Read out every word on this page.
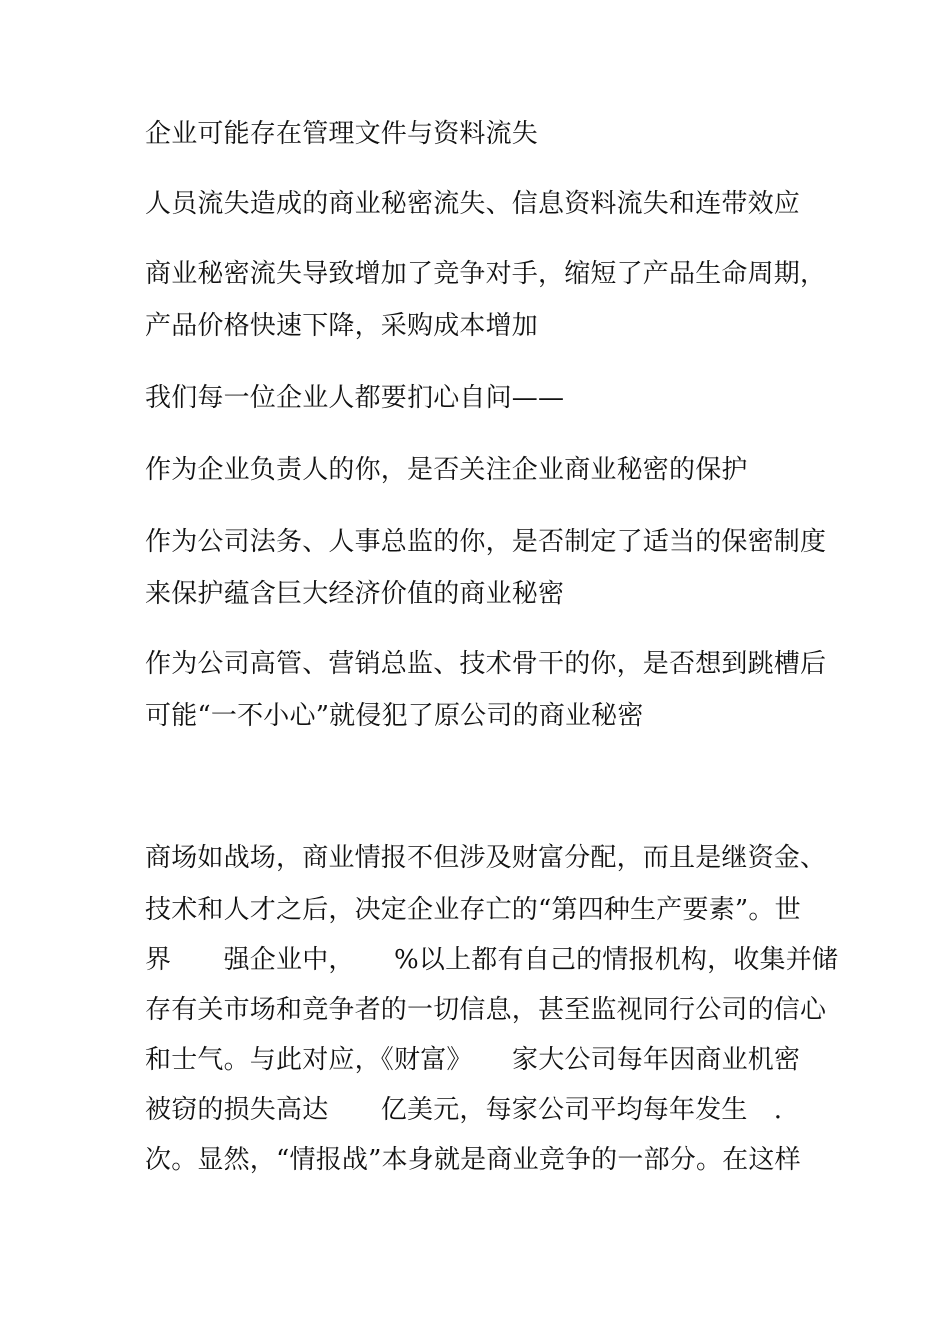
企业可能存在管理文件与资料流失
人员流失造成的商业秘密流失、信息资料流失和连带效应
商业秘密流失导致增加了竞争对手，缩短了产品生命周期，
产品价格快速下降，采购成本增加
我们每一位企业人都要扪心自问——
作为企业负责人的你，是否关注企业商业秘密的保护
作为公司法务、人事总监的你，是否制定了适当的保密制度
来保护蕴含巨大经济价值的商业秘密
作为公司高管、营销总监、技术骨干的你，是否想到跳槽后
可能“一不小心”就侵犯了原公司的商业秘密
商场如战场，商业情报不但涉及财富分配，而且是继资金、
技术和人才之后，决定企业存亡的“第四种生产要素”。世
界　　强企业中，　　%以上都有自己的情报机构，收集并储
存有关市场和竞争者的一切信息，甚至监视同行公司的信心
和士气。与此对应，《财富》　　家大公司每年因商业机密
被窃的损失高达　　亿美元，每家公司平均每年发生　.
次。显然，“情报战”本身就是商业竞争的一部分。在这样
